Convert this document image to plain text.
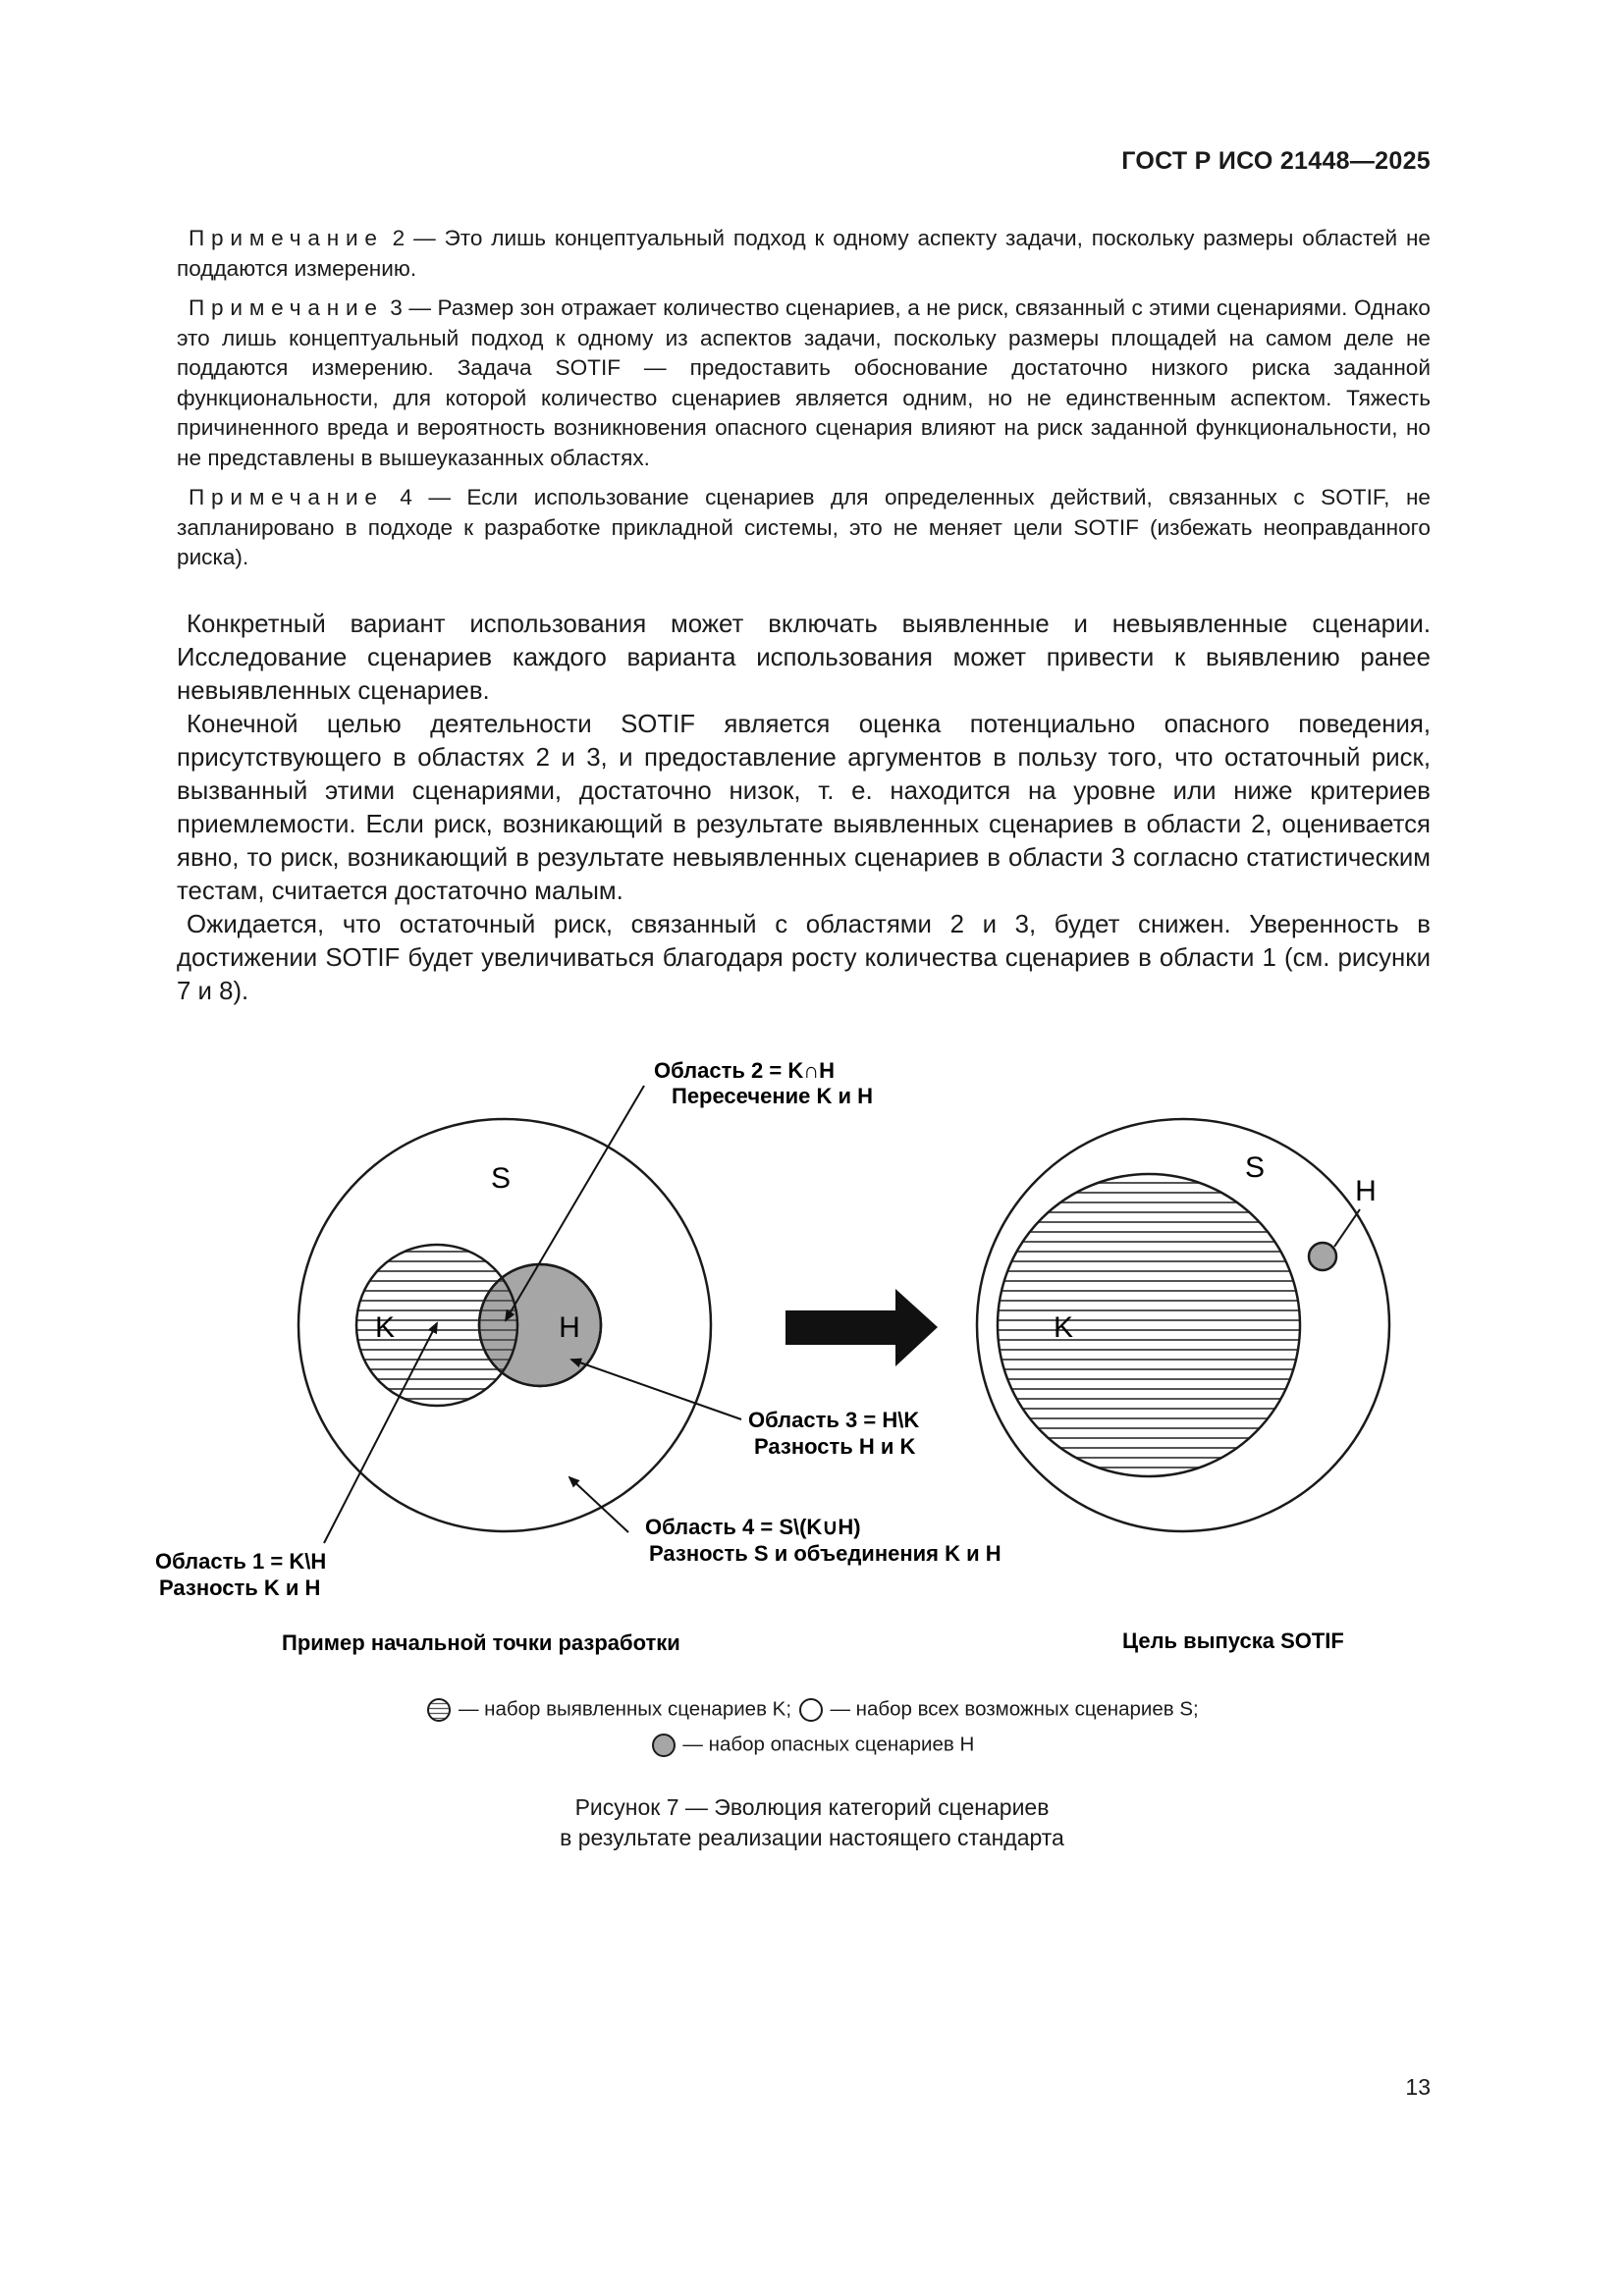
ГОСТ Р ИСО 21448—2025

Примечание 2 — Это лишь концептуальный подход к одному аспекту задачи, поскольку размеры областей не поддаются измерению.

Примечание 3 — Размер зон отражает количество сценариев, а не риск, связанный с этими сценариями. Однако это лишь концептуальный подход к одному из аспектов задачи, поскольку размеры площадей на самом деле не поддаются измерению. Задача SOTIF — предоставить обоснование достаточно низкого риска заданной функциональности, для которой количество сценариев является одним, но не единственным аспектом. Тяжесть причиненного вреда и вероятность возникновения опасного сценария влияют на риск заданной функциональности, но не представлены в вышеуказанных областях.

Примечание 4 — Если использование сценариев для определенных действий, связанных с SOTIF, не запланировано в подходе к разработке прикладной системы, это не меняет цели SOTIF (избежать неоправданного риска).

Конкретный вариант использования может включать выявленные и невыявленные сценарии. Исследование сценариев каждого варианта использования может привести к выявлению ранее невыявленных сценариев.

Конечной целью деятельности SOTIF является оценка потенциально опасного поведения, присутствующего в областях 2 и 3, и предоставление аргументов в пользу того, что остаточный риск, вызванный этими сценариями, достаточно низок, т. е. находится на уровне или ниже критериев приемлемости. Если риск, возникающий в результате выявленных сценариев в области 2, оценивается явно, то риск, возникающий в результате невыявленных сценариев в области 3 согласно статистическим тестам, считается достаточно малым.

Ожидается, что остаточный риск, связанный с областями 2 и 3, будет снижен. Уверенность в достижении SOTIF будет увеличиваться благодаря росту количества сценариев в области 1 (см. рисунки 7 и 8).

S
K	H
Область 2 = K∩H
Пересечение K и H
Область 3 = H\K
Разность H и K
Область 4 = S\(K∪H)
Разность S и объединения K и H
Область 1 = K\H
Разность K и H
Пример начальной точки разработки
S
H
K
Цель выпуска SOTIF
— набор выявленных сценариев K; — набор всех возможных сценариев S;
— набор опасных сценариев H
Рисунок 7 — Эволюция категорий сценариев
в результате реализации настоящего стандарта
13
